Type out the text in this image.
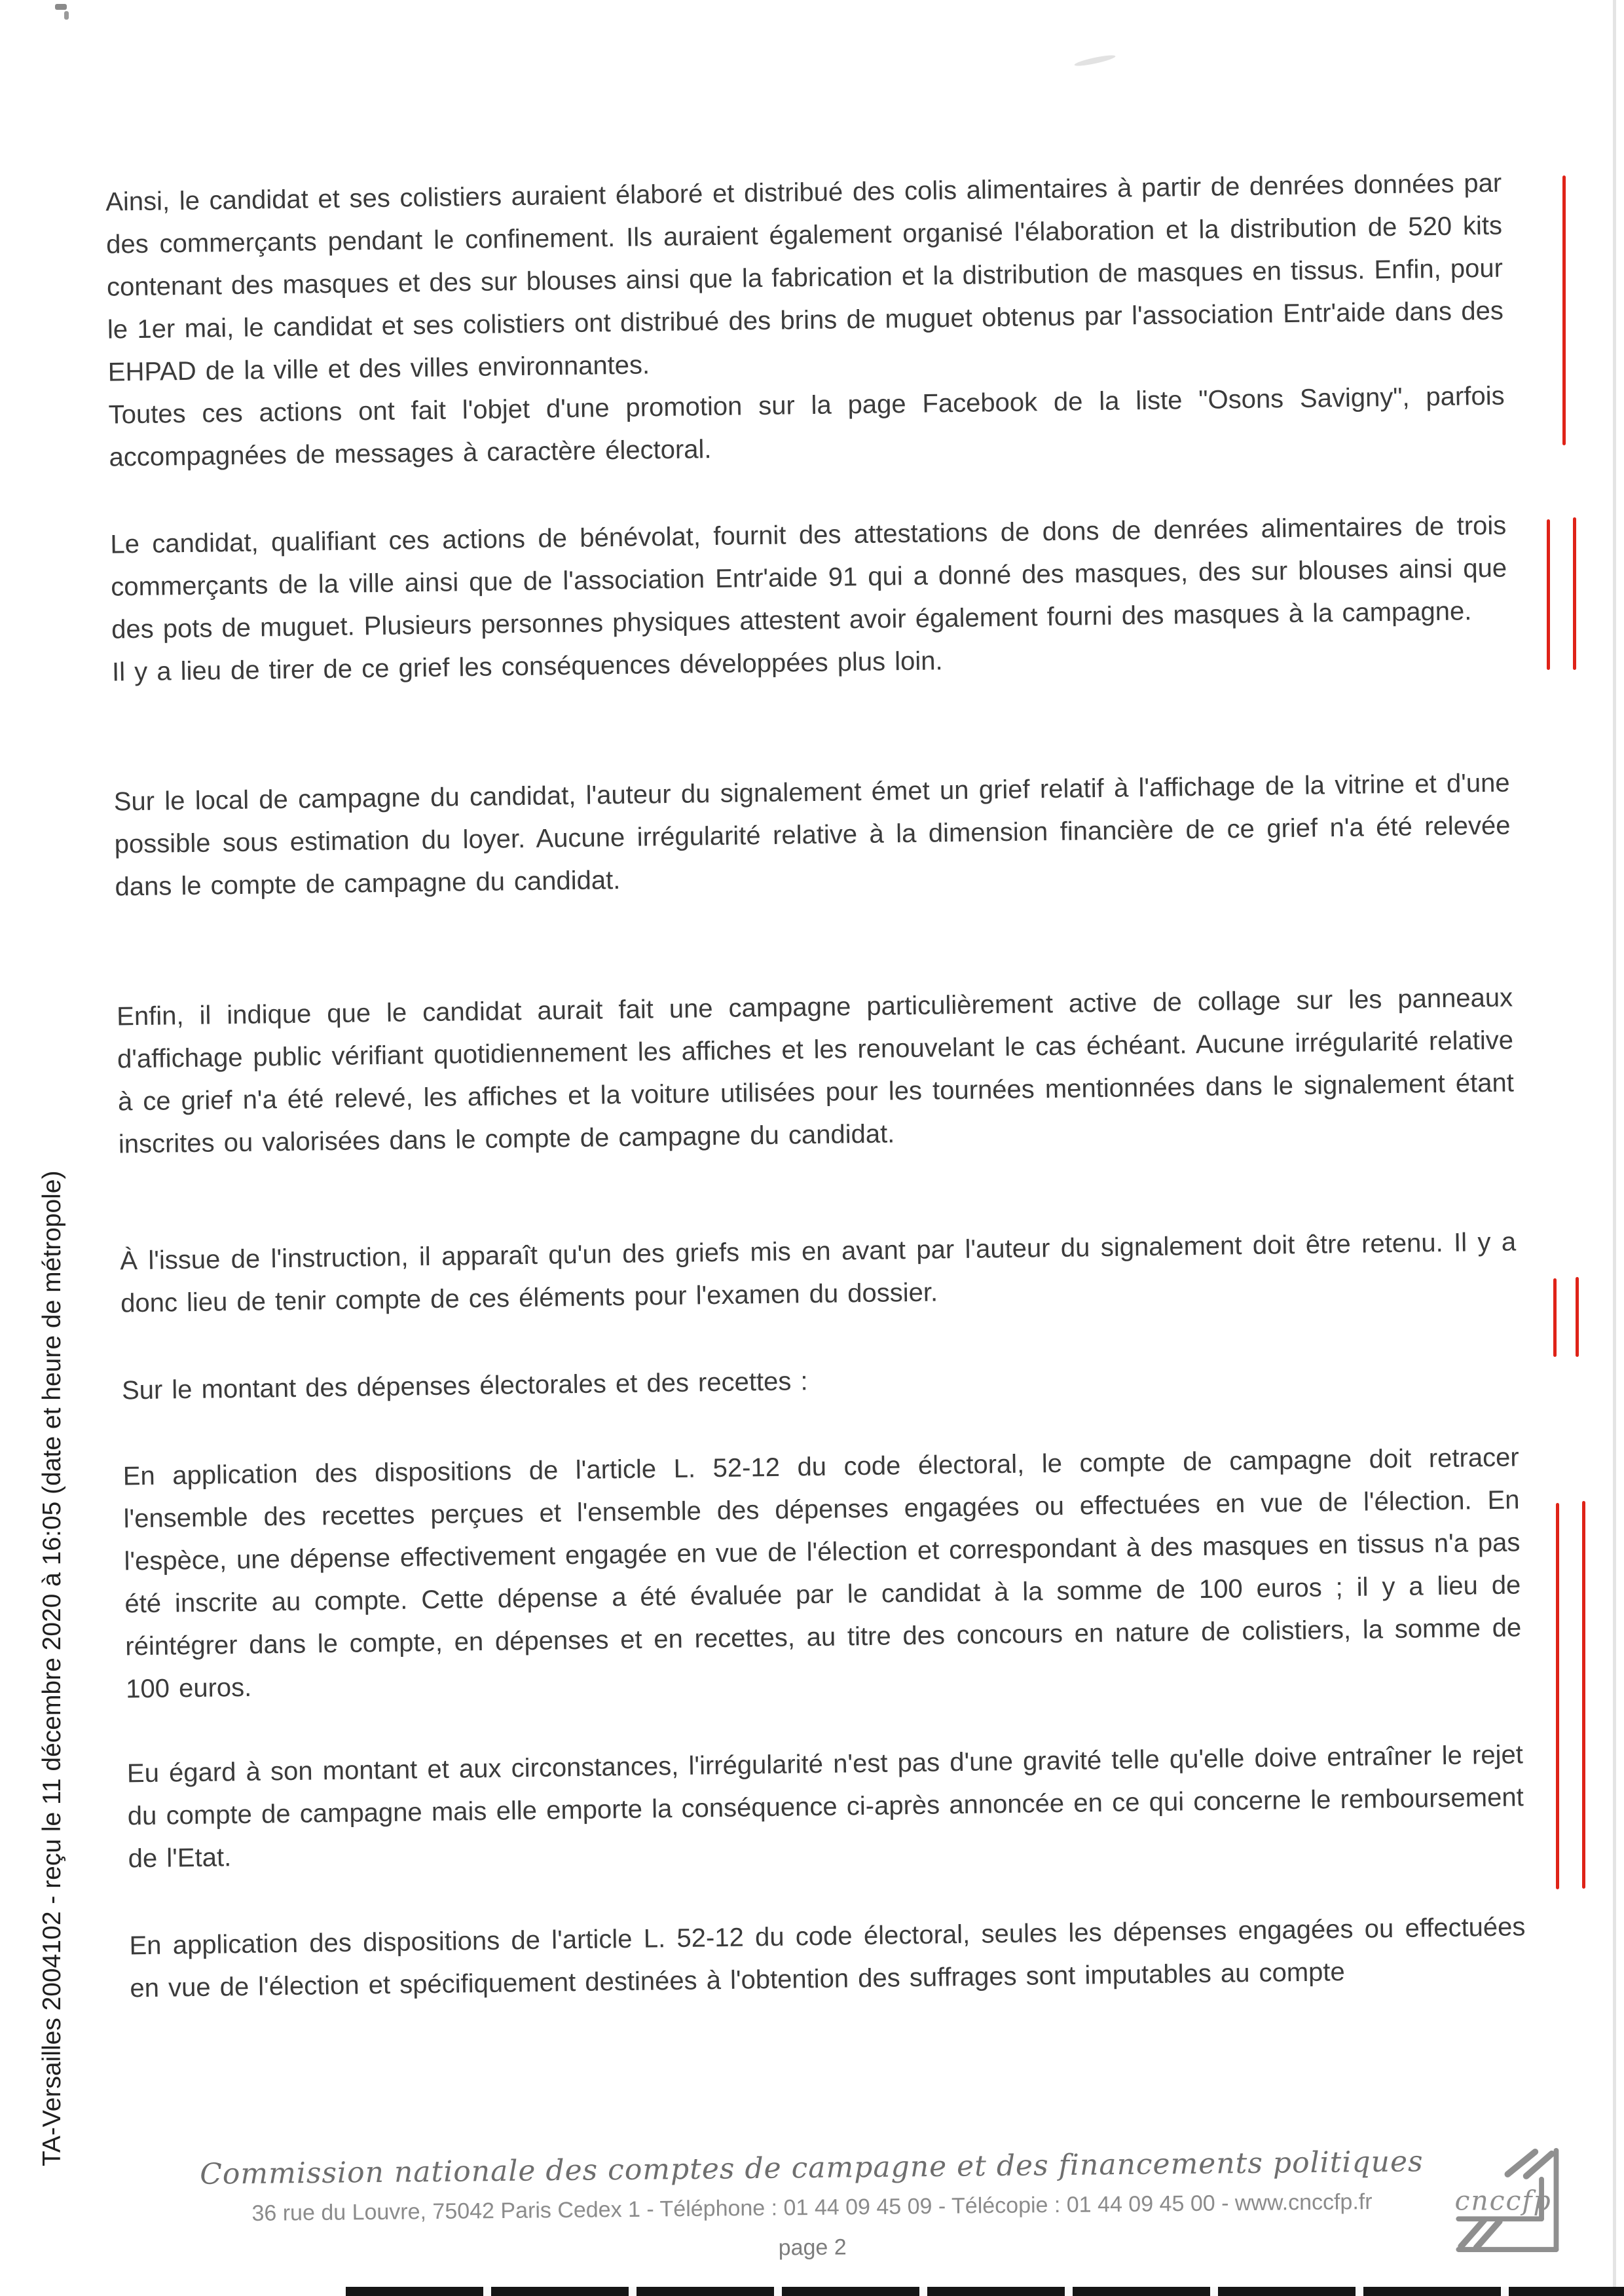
TA-Versailles 2004102 - reçu le 11 décembre 2020 à 16:05 (date et heure de métropole)

Ainsi, le candidat et ses colistiers auraient élaboré et distribué des colis alimentaires à partir de denrées données par des commerçants pendant le confinement. Ils auraient également organisé l'élaboration et la distribution de 520 kits contenant des masques et des sur blouses ainsi que la fabrication et la distribution de masques en tissus. Enfin, pour le 1er mai, le candidat et ses colistiers ont distribué des brins de muguet obtenus par l'association Entr'aide dans des EHPAD de la ville et des villes environnantes.

Toutes ces actions ont fait l'objet d'une promotion sur la page Facebook de la liste "Osons Savigny", parfois accompagnées de messages à caractère électoral.

Le candidat, qualifiant ces actions de bénévolat, fournit des attestations de dons de denrées alimentaires de trois commerçants de la ville ainsi que de l'association Entr'aide 91 qui a donné des masques, des sur blouses ainsi que des pots de muguet. Plusieurs personnes physiques attestent avoir également fourni des masques à la campagne.

Il y a lieu de tirer de ce grief les conséquences développées plus loin.

Sur le local de campagne du candidat, l'auteur du signalement émet un grief relatif à l'affichage de la vitrine et d'une possible sous estimation du loyer. Aucune irrégularité relative à la dimension financière de ce grief n'a été relevée dans le compte de campagne du candidat.

Enfin, il indique que le candidat aurait fait une campagne particulièrement active de collage sur les panneaux d'affichage public vérifiant quotidiennement les affiches et les renouvelant le cas échéant. Aucune irrégularité relative à ce grief n'a été relevé, les affiches et la voiture utilisées pour les tournées mentionnées dans le signalement étant inscrites ou valorisées dans le compte de campagne du candidat.

À l'issue de l'instruction, il apparaît qu'un des griefs mis en avant par l'auteur du signalement doit être retenu. Il y a donc lieu de tenir compte de ces éléments pour l'examen du dossier.

Sur le montant des dépenses électorales et des recettes :

En application des dispositions de l'article L. 52-12 du code électoral, le compte de campagne doit retracer l'ensemble des recettes perçues et l'ensemble des dépenses engagées ou effectuées en vue de l'élection. En l'espèce, une dépense effectivement engagée en vue de l'élection et correspondant à des masques en tissus n'a pas été inscrite au compte. Cette dépense a été évaluée par le candidat à la somme de 100 euros ; il y a lieu de réintégrer dans le compte, en dépenses et en recettes, au titre des concours en nature de colistiers, la somme de 100 euros.

Eu égard à son montant et aux circonstances, l'irrégularité n'est pas d'une gravité telle qu'elle doive entraîner le rejet du compte de campagne mais elle emporte la conséquence ci-après annoncée en ce qui concerne le remboursement de l'Etat.

En application des dispositions de l'article L. 52-12 du code électoral, seules les dépenses engagées ou effectuées en vue de l'élection et spécifiquement destinées à l'obtention des suffrages sont imputables au compte

Commission nationale des comptes de campagne et des financements politiques

36 rue du Louvre, 75042 Paris Cedex 1 - Téléphone : 01 44 09 45 09 - Télécopie : 01 44 09 45 00 - www.cnccfp.fr
page 2
cnccfp
